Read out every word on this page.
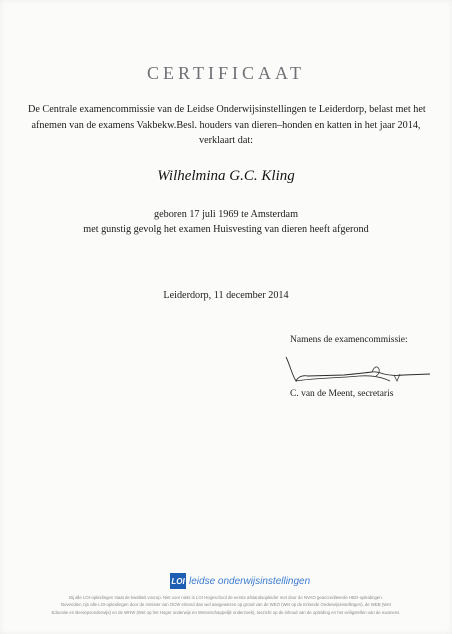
CERTIFICAAT
De Centrale examencommissie van de Leidse Onderwijsinstellingen te Leiderdorp, belast met het
afnemen van de examens Vakbekw.Besl. houders van dieren–honden en katten in het jaar 2014,
verklaart dat:
Wilhelmina G.C. Kling
geboren 17 juli 1969 te Amsterdam
met gunstig gevolg het examen Huisvesting van dieren heeft afgerond
Leiderdorp, 11 december 2014
Namens de examencommissie:
C. van de Meent, secretaris
LOI leidse onderwijsinstellingen
Bij alle LOI-opleidingen staat de kwaliteit voorop. Niet voor niets is LOI Hogeschool de eerste afstandsopleider met door de NVAO geaccrediteerde HBO-opleidingen.
Bovendien zijn alle LOI-opleidingen door de minister van OCW erkend dan wel aangewezen op grond van de WEO (Wet op de Erkende Onderwijsinstellingen), de WEB (Wet
Educatie en Beroepsonderwijs) en de WHW (Wet op het Hoger onderwijs en Wetenschappelijk onderzoek), toezicht op de inhoud van de opleiding en het veiligstellen van de examens.
